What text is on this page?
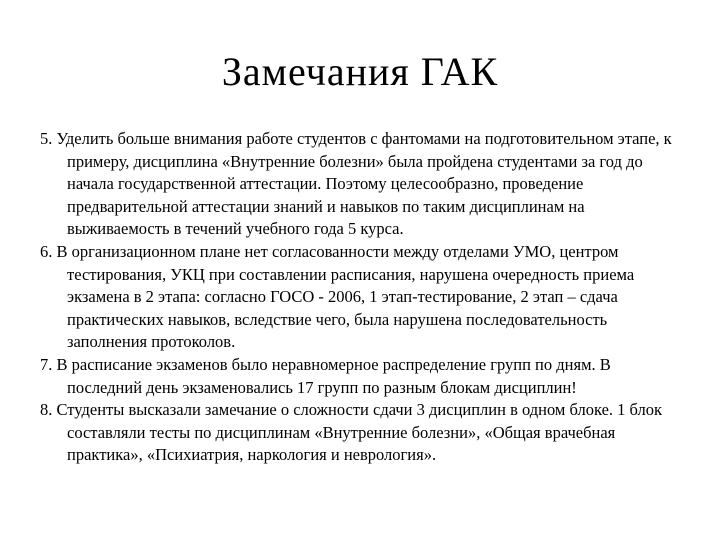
Замечания ГАК
5. Уделить больше внимания работе студентов с фантомами на подготовительном этапе, к примеру, дисциплина «Внутренние болезни» была пройдена студентами за год до начала государственной аттестации. Поэтому целесообразно, проведение предварительной аттестации знаний и навыков по таким дисциплинам на выживаемость в течений учебного года 5 курса.
6. В организационном плане нет согласованности между отделами УМО, центром тестирования, УКЦ при составлении расписания, нарушена очередность приема экзамена в 2 этапа: согласно ГОСО - 2006, 1 этап-тестирование, 2 этап – сдача практических навыков, вследствие чего, была нарушена последовательность заполнения протоколов.
7. В расписание экзаменов было неравномерное распределение групп по дням. В последний день экзаменовались 17 групп по разным блокам дисциплин!
8. Студенты высказали замечание о сложности сдачи 3 дисциплин в одном блоке. 1 блок составляли тесты по дисциплинам «Внутренние болезни», «Общая врачебная практика», «Психиатрия, наркология и неврология».
